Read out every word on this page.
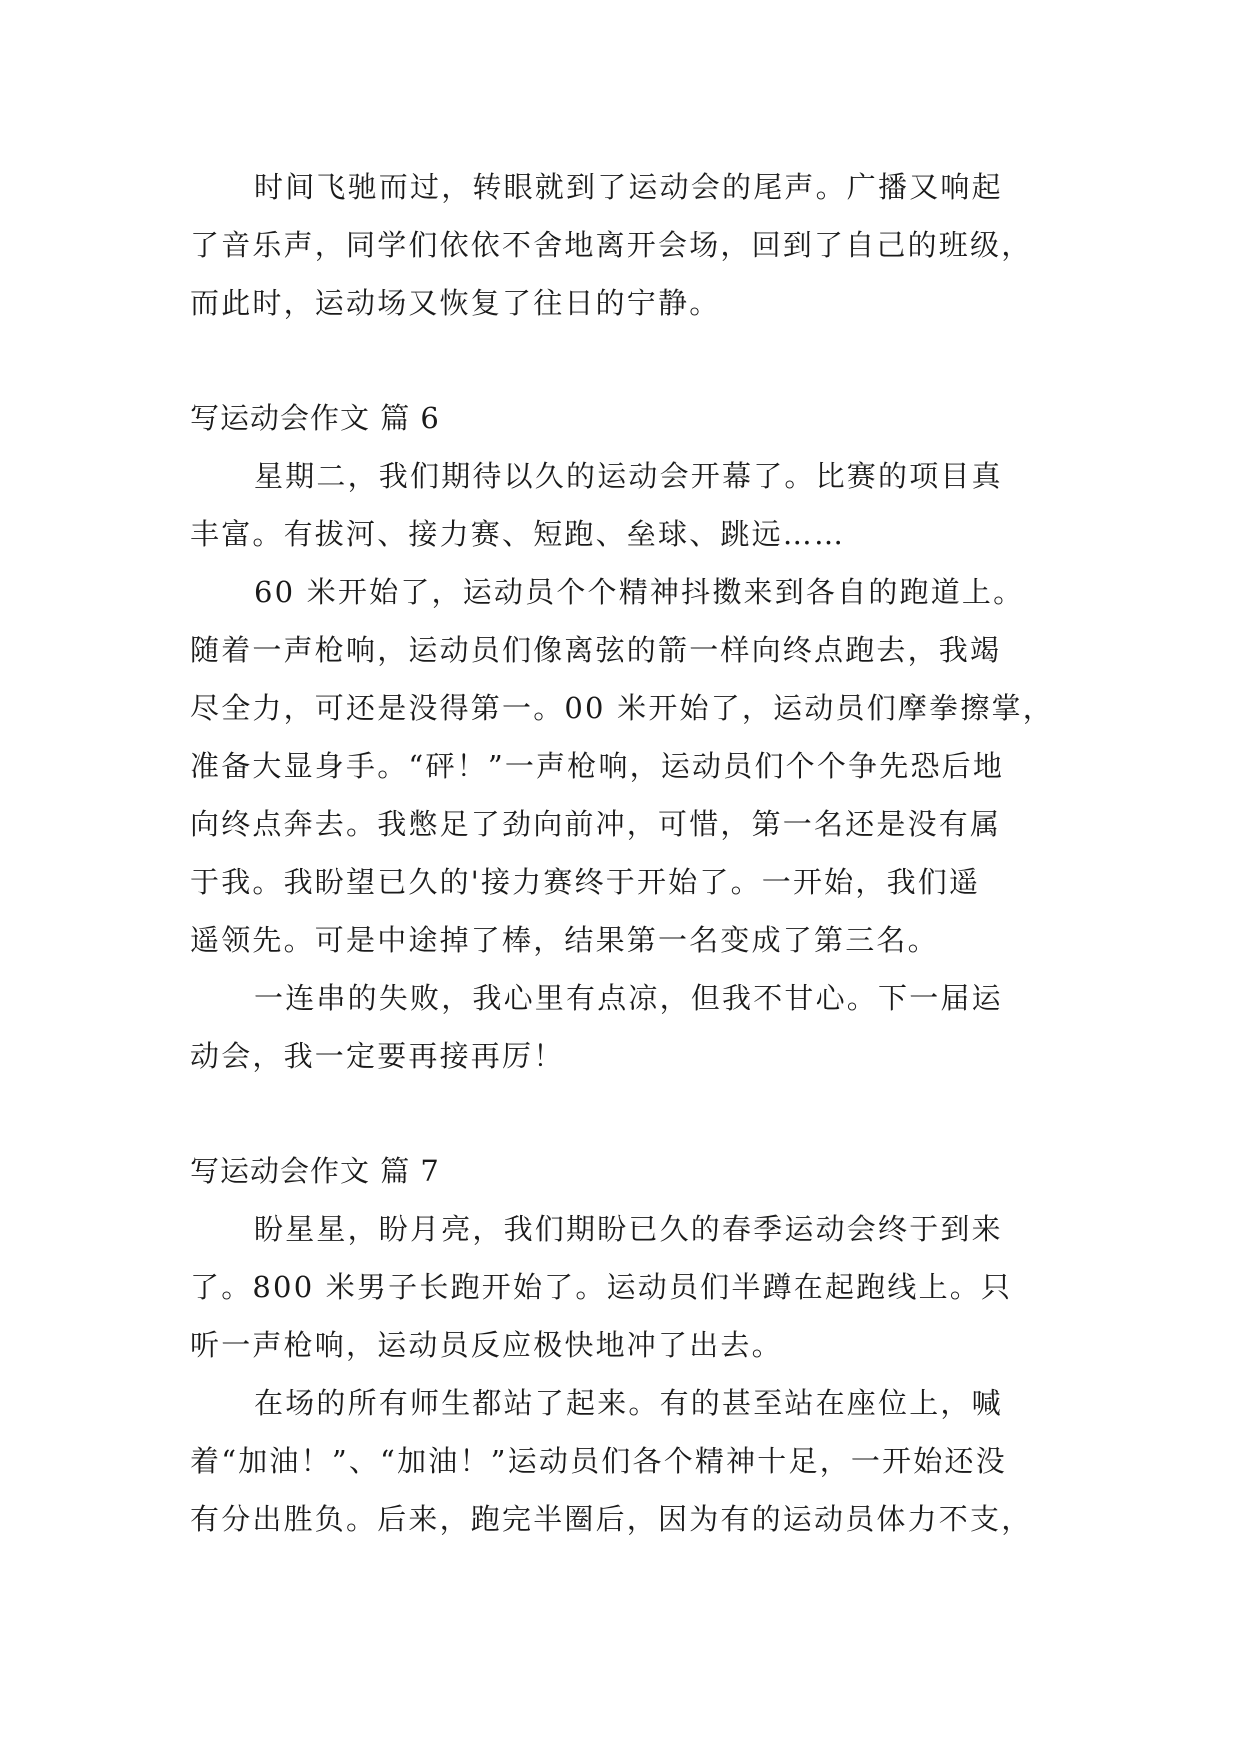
时间飞驰而过，转眼就到了运动会的尾声。广播又响起
了音乐声，同学们依依不舍地离开会场，回到了自己的班级，
而此时，运动场又恢复了往日的宁静。
写运动会作文 篇 6
星期二，我们期待以久的运动会开幕了。比赛的项目真
丰富。有拔河、接力赛、短跑、垒球、跳远……
60 米开始了，运动员个个精神抖擞来到各自的跑道上。
随着一声枪响，运动员们像离弦的箭一样向终点跑去，我竭
尽全力，可还是没得第一。00 米开始了，运动员们摩拳擦掌，
准备大显身手。“砰！”一声枪响，运动员们个个争先恐后地
向终点奔去。我憋足了劲向前冲，可惜，第一名还是没有属
于我。我盼望已久的'接力赛终于开始了。一开始，我们遥
遥领先。可是中途掉了棒，结果第一名变成了第三名。
一连串的失败，我心里有点凉，但我不甘心。下一届运
动会，我一定要再接再厉！
写运动会作文 篇 7
盼星星，盼月亮，我们期盼已久的春季运动会终于到来
了。800 米男子长跑开始了。运动员们半蹲在起跑线上。只
听一声枪响，运动员反应极快地冲了出去。
在场的所有师生都站了起来。有的甚至站在座位上，喊
着“加油！”、“加油！”运动员们各个精神十足，一开始还没
有分出胜负。后来，跑完半圈后，因为有的运动员体力不支，
